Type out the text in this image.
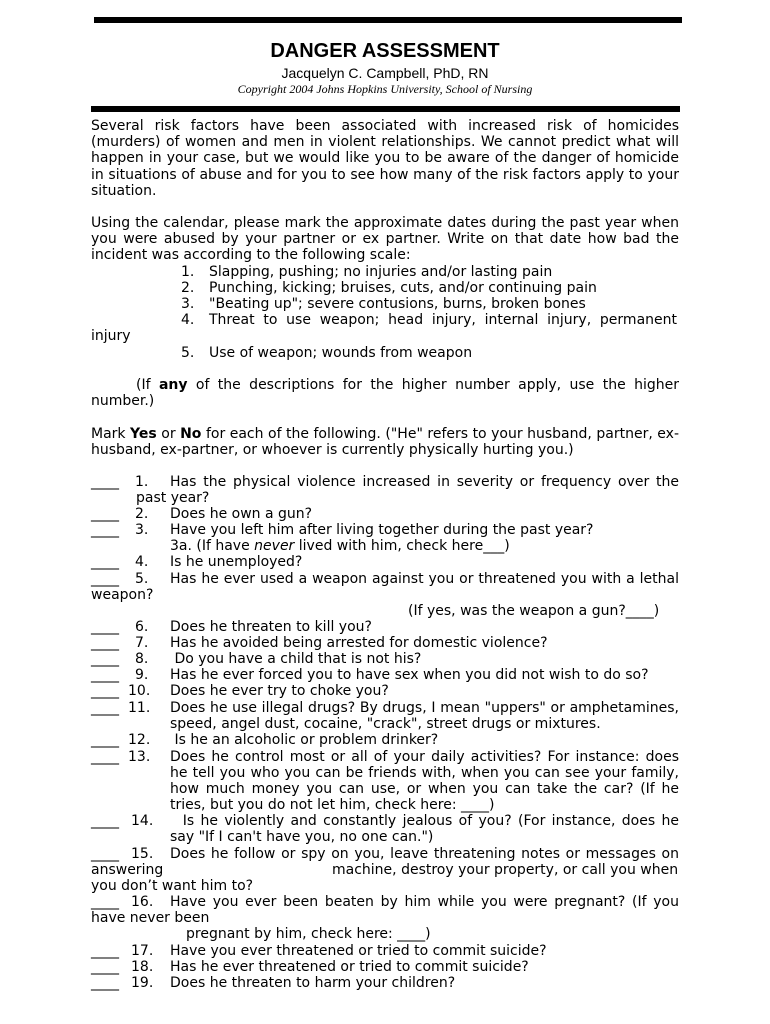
DANGER ASSESSMENT
Jacquelyn C. Campbell, PhD, RN
Copyright 2004 Johns Hopkins University, School of Nursing
Several risk factors have been associated with increased risk of homicides (murders) of women and men in violent relationships. We cannot predict what will happen in your case, but we would like you to be aware of the danger of homicide in situations of abuse and for you to see how many of the risk factors apply to your situation.
Using the calendar, please mark the approximate dates during the past year when you were abused by your partner or ex partner. Write on that date how bad the incident was according to the following scale:
1. Slapping, pushing; no injuries and/or lasting pain
2. Punching, kicking; bruises, cuts, and/or continuing pain
3. "Beating up"; severe contusions, burns, broken bones
4. Threat to use weapon; head injury, internal injury, permanent
injury
5. Use of weapon; wounds from weapon
(If any of the descriptions for the higher number apply, use the higher
number.)
Mark Yes or No for each of the following. ("He" refers to your husband, partner, ex-husband, ex-partner, or whoever is currently physically hurting you.)
____ 1.	Has the physical violence increased in severity or frequency over the past year?
____ 2. Does he own a gun?
____ 3. Have you left him after living together during the past year?
3a. (If have never lived with him, check here___)
____ 4. Is he unemployed?
____ 5. Has he ever used a weapon against you or threatened you with a lethal
weapon?
(If yes, was the weapon a gun?____)
____ 6. Does he threaten to kill you?
____ 7. Has he avoided being arrested for domestic violence?
____ 8. Do you have a child that is not his?
____ 9. Has he ever forced you to have sex when you did not wish to do so?
____ 10. Does he ever try to choke you?
____ 11. Does he use illegal drugs? By drugs, I mean "uppers" or amphetamines, speed, angel dust, cocaine, "crack", street drugs or mixtures.
____ 12. Is he an alcoholic or problem drinker?
____ 13. Does he control most or all of your daily activities? For instance: does he tell you who you can be friends with, when you can see your family, how much money you can use, or when you can take the car? (If he tries, but you do not let him, check here: ____)
____ 14. Is he violently and constantly jealous of you? (For instance, does he say "If I can't have you, no one can.")
____ 15. Does he follow or spy on you, leave threatening notes or messages on
answering	machine, destroy your property, or call you when
you don’t want him to?
____ 16. Have you ever been beaten by him while you were pregnant? (If you
have never been
pregnant by him, check here: ____)
____ 17. Have you ever threatened or tried to commit suicide?
____ 18. Has he ever threatened or tried to commit suicide?
____ 19. Does he threaten to harm your children?
